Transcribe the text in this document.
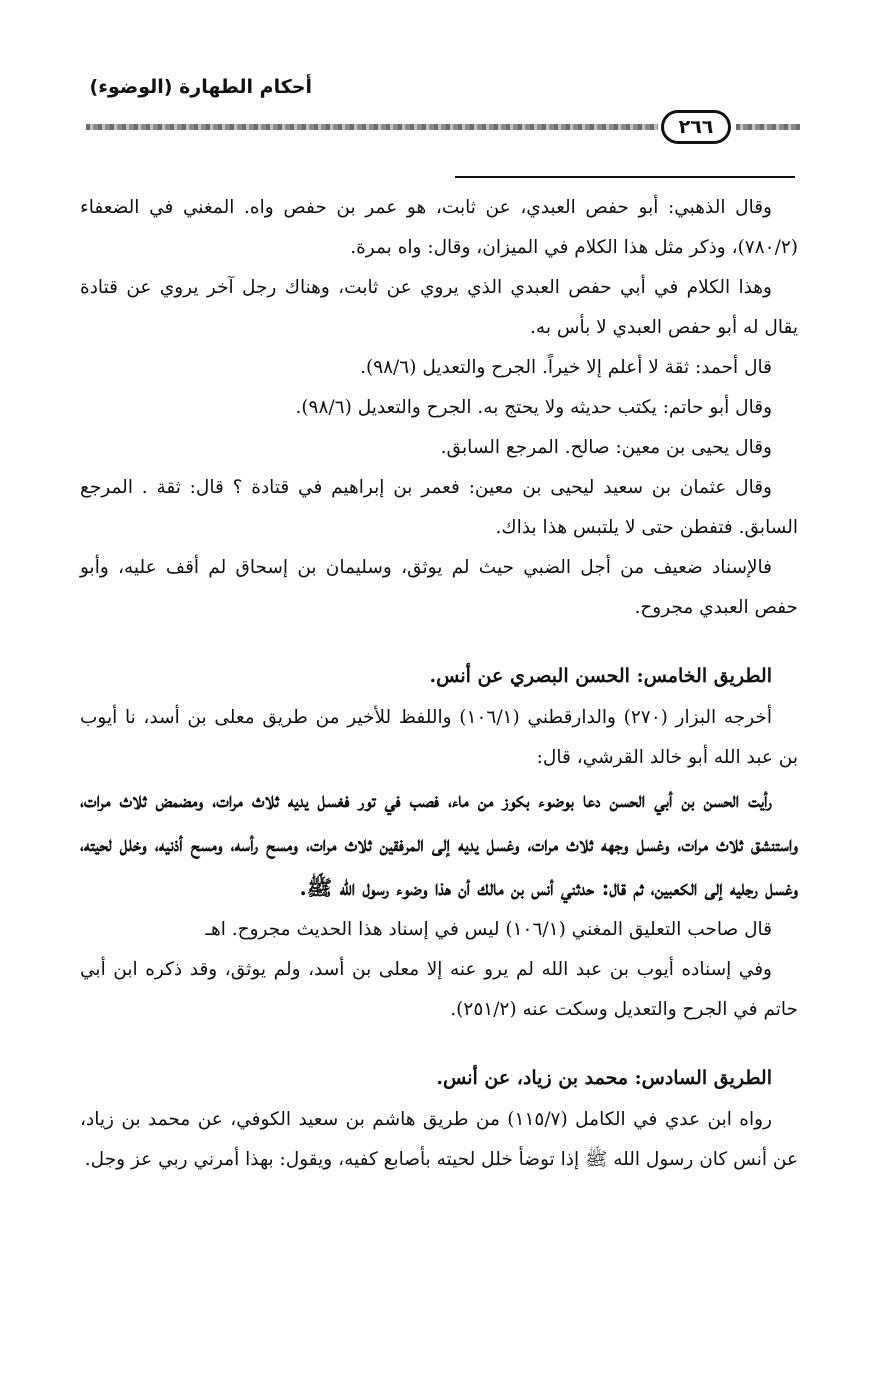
أحكام الطهارة (الوضوء)
٢٦٦

وقال الذهبي: أبو حفص العبدي، عن ثابت، هو عمر بن حفص واه. المغني في الضعفاء (٧٨٠/٢)، وذكر مثل هذا الكلام في الميزان، وقال: واه بمرة.

وهذا الكلام في أبي حفص العبدي الذي يروي عن ثابت، وهناك رجل آخر يروي عن قتادة يقال له أبو حفص العبدي لا بأس به.

قال أحمد: ثقة لا أعلم إلا خيراً. الجرح والتعديل (٩٨/٦).

وقال أبو حاتم: يكتب حديثه ولا يحتج به. الجرح والتعديل (٩٨/٦).

وقال يحيى بن معين: صالح. المرجع السابق.

وقال عثمان بن سعيد ليحيى بن معين: فعمر بن إبراهيم في قتادة ؟ قال: ثقة . المرجع السابق. فتفطن حتى لا يلتبس هذا بذاك.

فالإسناد ضعيف من أجل الضبي حيث لم يوثق، وسليمان بن إسحاق لم أقف عليه، وأبو حفص العبدي مجروح.

الطريق الخامس: الحسن البصري عن أنس.

أخرجه البزار (٢٧٠) والدارقطني (١٠٦/١) واللفظ للأخير من طريق معلى بن أسد، نا أيوب بن عبد الله أبو خالد القرشي، قال:

رأيت الحسن بن أبي الحسن دعا بوضوء بكوز من ماء، فصب في تور فغسل يديه ثلاث مرات، ومضمض ثلاث مرات، واستنشق ثلاث مرات، وغسل وجهه ثلاث مرات، وغسل يديه إلى المرفقين ثلاث مرات، ومسح رأسه، ومسح أذنيه، وخلل لحيته، وغسل رجليه إلى الكعبين، ثم قال: حدثني أنس بن مالك أن هذا وضوء رسول الله ﷺ.

قال صاحب التعليق المغني (١٠٦/١) ليس في إسناد هذا الحديث مجروح. اهـ

وفي إسناده أيوب بن عبد الله لم يرو عنه إلا معلى بن أسد، ولم يوثق، وقد ذكره ابن أبي حاتم في الجرح والتعديل وسكت عنه (٢٥١/٢).

الطريق السادس: محمد بن زياد، عن أنس.

رواه ابن عدي في الكامل (١١٥/٧) من طريق هاشم بن سعيد الكوفي، عن محمد بن زياد، عن أنس كان رسول الله ﷺ إذا توضأ خلل لحيته بأصابع كفيه، ويقول: بهذا أمرني ربي عز وجل.
